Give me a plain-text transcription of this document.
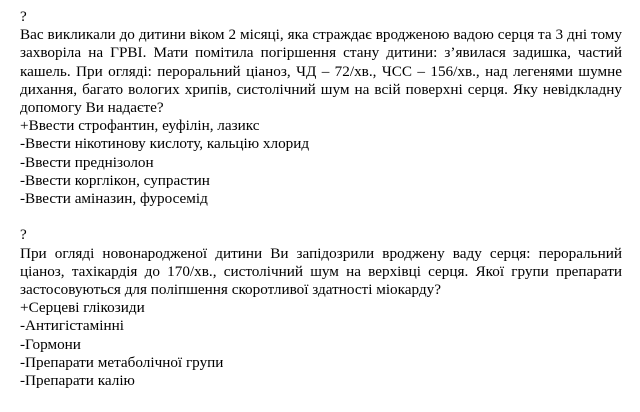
?
Вас викликали до дитини віком 2 місяці, яка страждає вродженою вадою серця та 3 дні тому захворіла на ГРВІ. Мати помітила погіршення стану дитини: з’явилася задишка, частий кашель. При огляді: пероральний ціаноз, ЧД – 72/хв., ЧСС – 156/хв., над легенями шумне дихання, багато вологих хрипів, систолічний шум на всій поверхні серця. Яку невідкладну допомогу Ви надаєте?
+Ввести строфантин, еуфілін, лазикс
-Ввести нікотинову кислоту, кальцію хлорид
-Ввести преднізолон
-Ввести корглікон, супрастин
-Ввести аміназин, фуросемід
?
При огляді новонародженої дитини Ви запідозрили вроджену ваду серця: пероральний ціаноз, тахікардія до 170/хв., систолічний шум на верхівці серця. Якої групи препарати застосовуються для поліпшення скоротливої здатності міокарду?
+Серцеві глікозиди
-Антигістамінні
-Гормони
-Препарати метаболічної групи
-Препарати калію
